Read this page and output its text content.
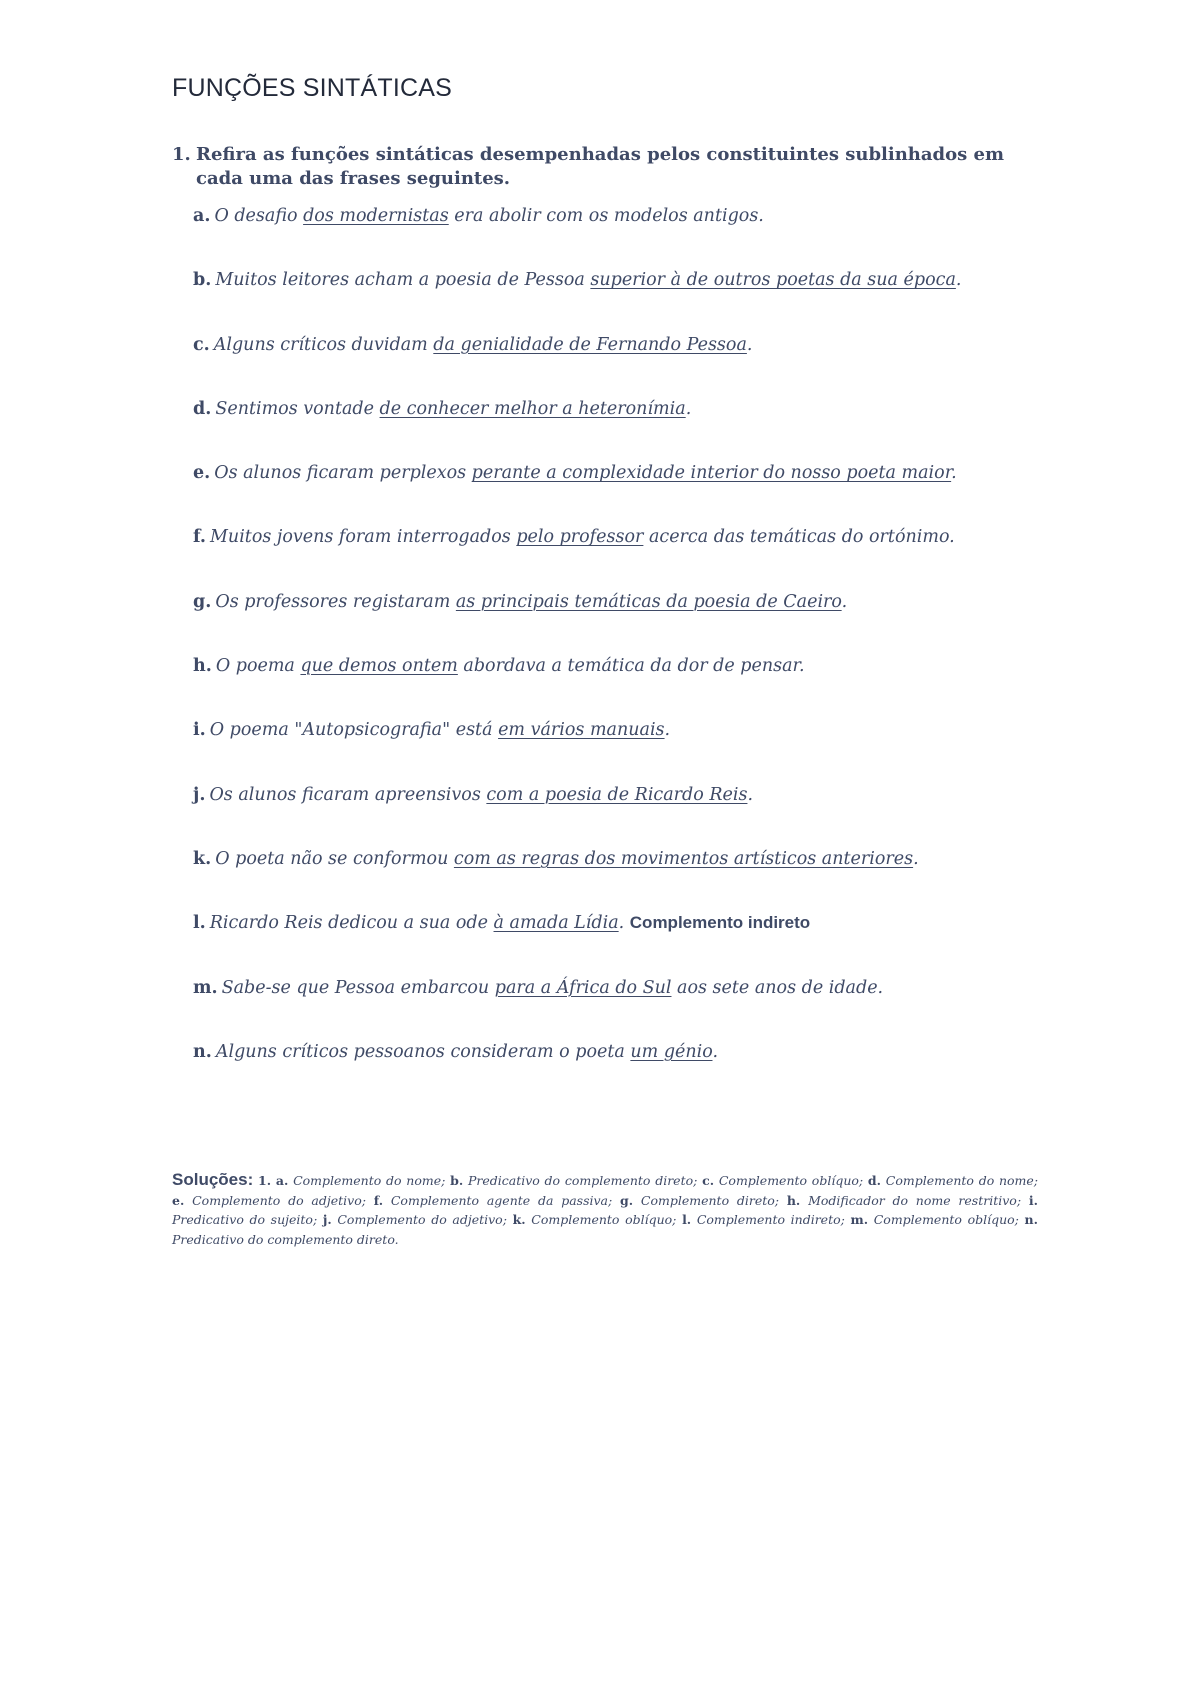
FUNÇÕES SINTÁTICAS
1. Refira as funções sintáticas desempenhadas pelos constituintes sublinhados em cada uma das frases seguintes.
a. O desafio dos modernistas era abolir com os modelos antigos.
b. Muitos leitores acham a poesia de Pessoa superior à de outros poetas da sua época.
c. Alguns críticos duvidam da genialidade de Fernando Pessoa.
d. Sentimos vontade de conhecer melhor a heteronímia.
e. Os alunos ficaram perplexos perante a complexidade interior do nosso poeta maior.
f. Muitos jovens foram interrogados pelo professor acerca das temáticas do ortónimo.
g. Os professores registaram as principais temáticas da poesia de Caeiro.
h. O poema que demos ontem abordava a temática da dor de pensar.
i. O poema "Autopsicografia" está em vários manuais.
j. Os alunos ficaram apreensivos com a poesia de Ricardo Reis.
k. O poeta não se conformou com as regras dos movimentos artísticos anteriores.
l. Ricardo Reis dedicou a sua ode à amada Lídia. Complemento indireto
m. Sabe-se que Pessoa embarcou para a África do Sul aos sete anos de idade.
n. Alguns críticos pessoanos consideram o poeta um génio.
Soluções: 1. a. Complemento do nome; b. Predicativo do complemento direto; c. Complemento oblíquo; d. Complemento do nome; e. Complemento do adjetivo; f. Complemento agente da passiva; g. Complemento direto; h. Modificador do nome restritivo; i. Predicativo do sujeito; j. Complemento do adjetivo; k. Complemento oblíquo; l. Complemento indireto; m. Complemento oblíquo; n. Predicativo do complemento direto.
